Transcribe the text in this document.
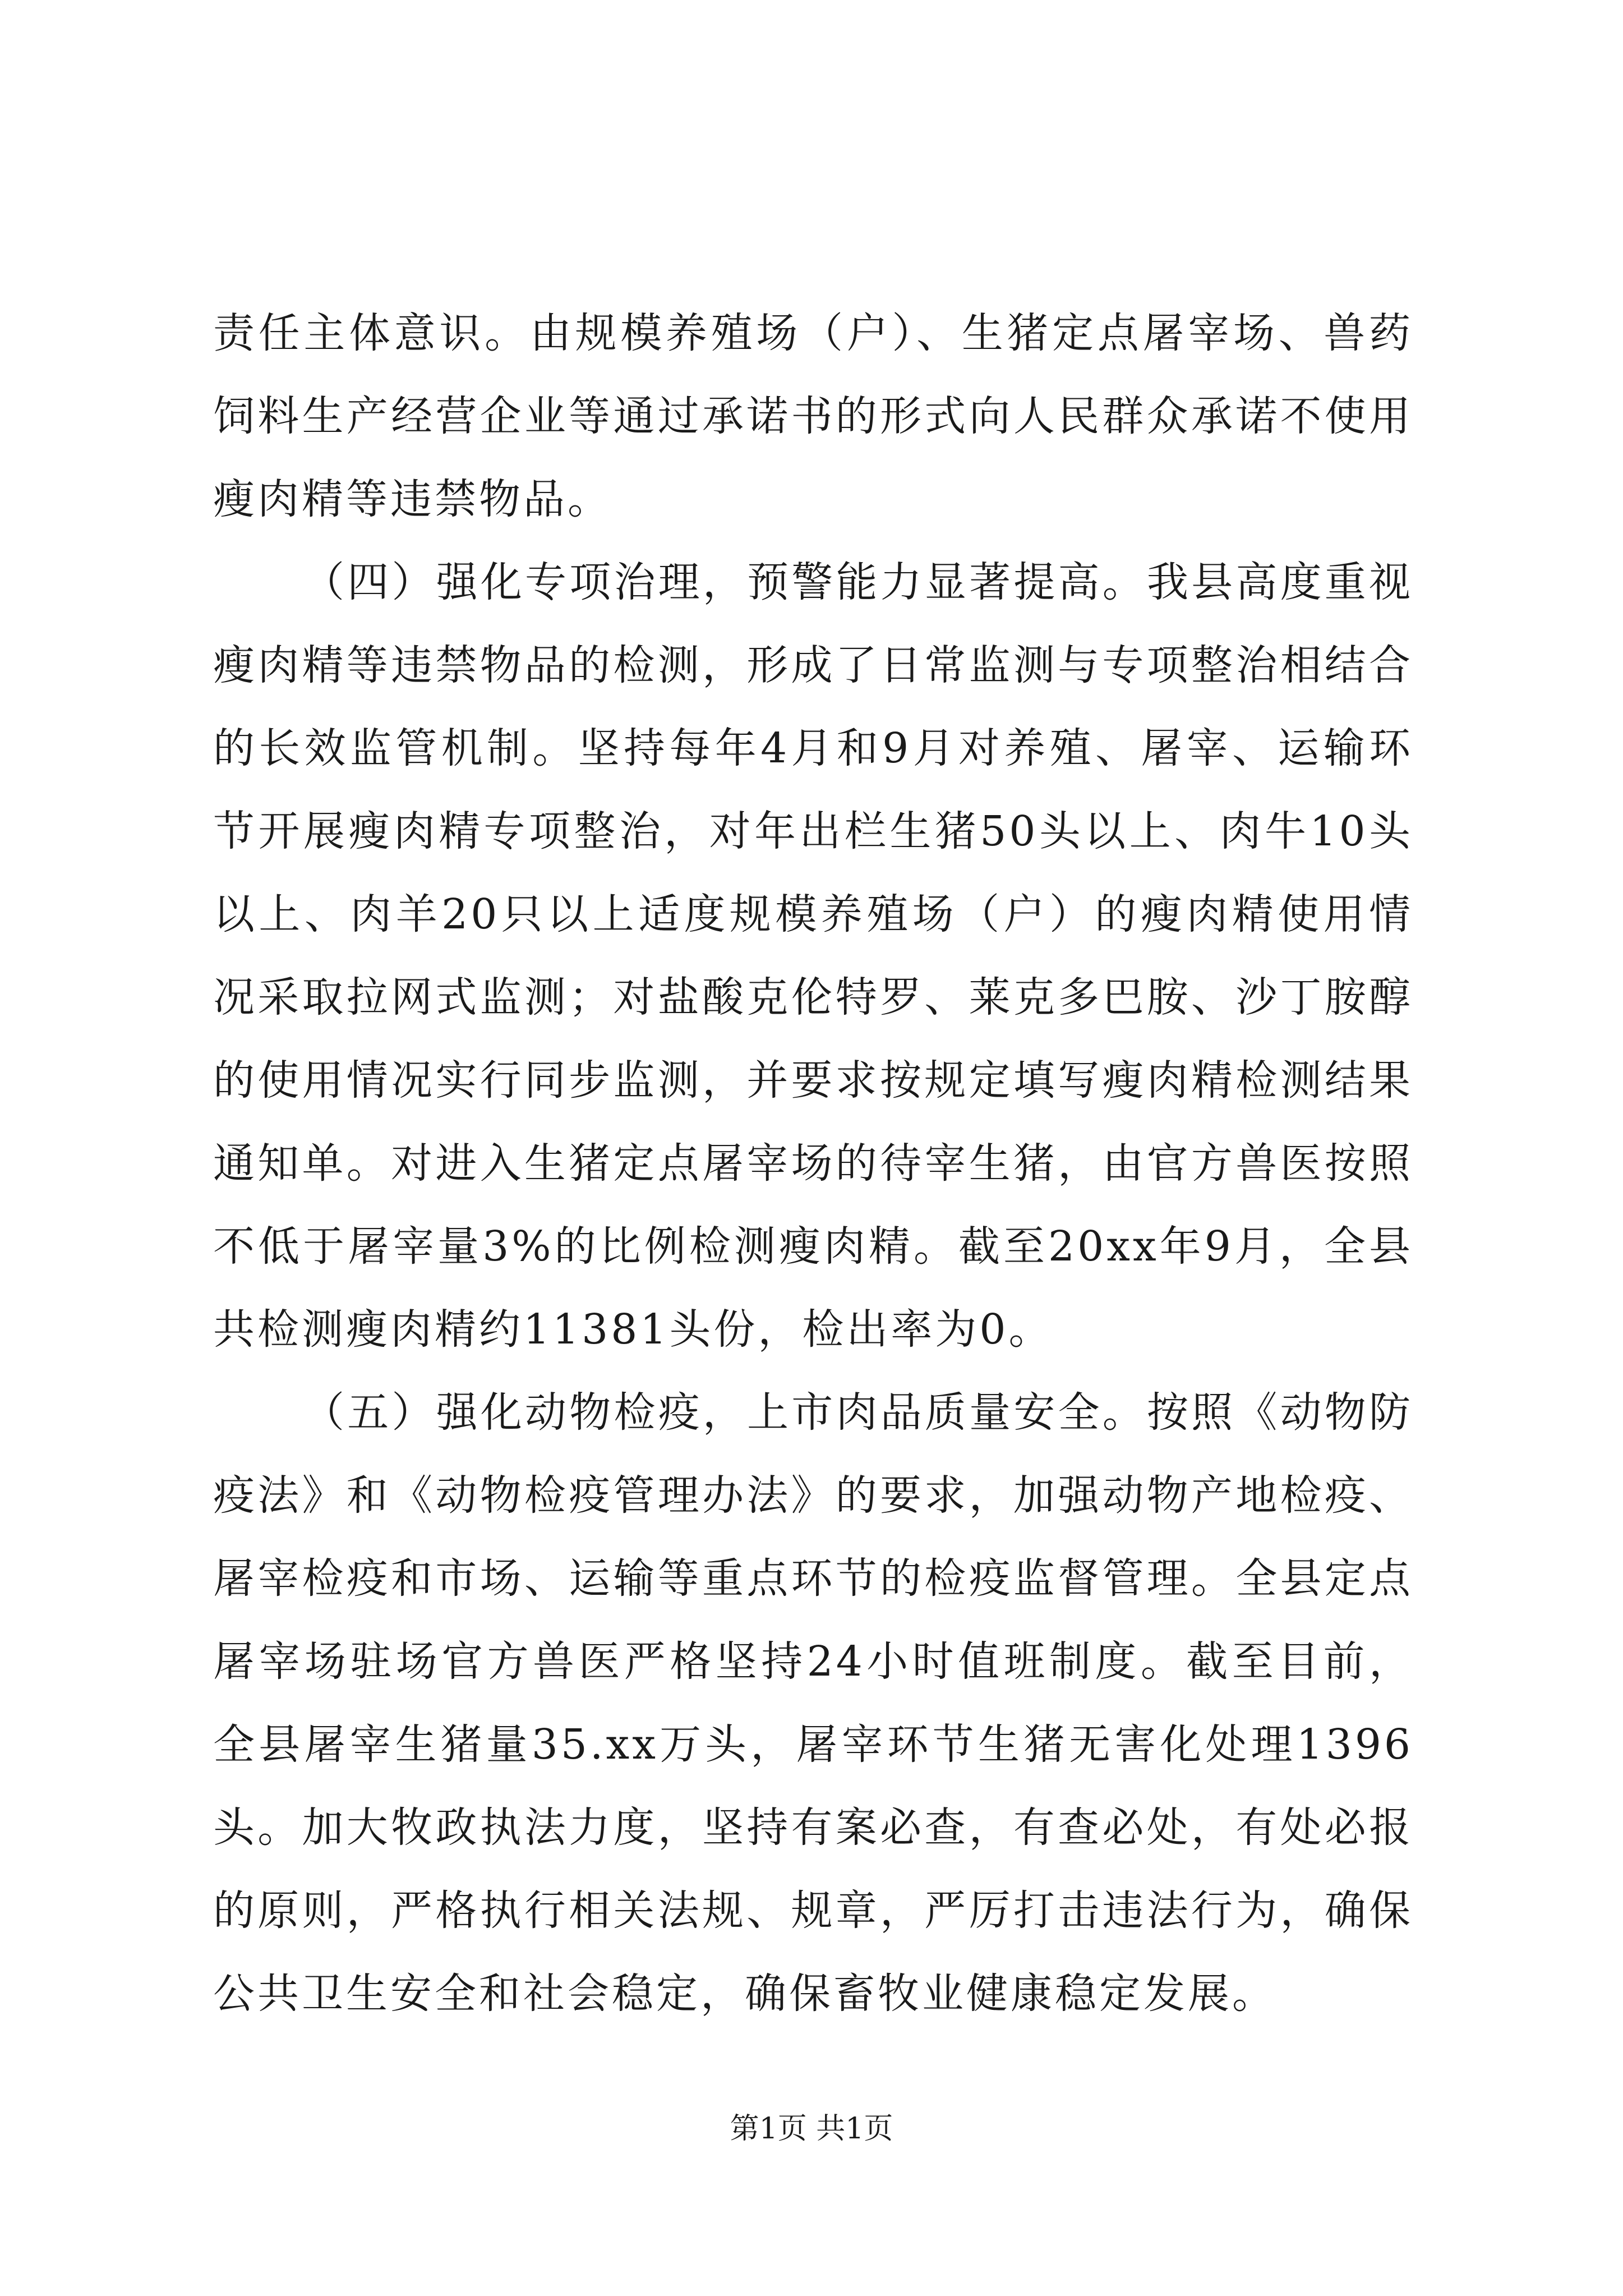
责任主体意识。由规模养殖场（户）、生猪定点屠宰场、兽药饲料生产经营企业等通过承诺书的形式向人民群众承诺不使用瘦肉精等违禁物品。

（四）强化专项治理，预警能力显著提高。我县高度重视瘦肉精等违禁物品的检测，形成了日常监测与专项整治相结合的长效监管机制。坚持每年4月和9月对养殖、屠宰、运输环节开展瘦肉精专项整治，对年出栏生猪50头以上、肉牛10头以上、肉羊20只以上适度规模养殖场（户）的瘦肉精使用情况采取拉网式监测；对盐酸克伦特罗、莱克多巴胺、沙丁胺醇的使用情况实行同步监测，并要求按规定填写瘦肉精检测结果通知单。对进入生猪定点屠宰场的待宰生猪，由官方兽医按照不低于屠宰量3%的比例检测瘦肉精。截至20xx年9月，全县共检测瘦肉精约11381头份，检出率为0。

（五）强化动物检疫，上市肉品质量安全。按照《动物防疫法》和《动物检疫管理办法》的要求，加强动物产地检疫、屠宰检疫和市场、运输等重点环节的检疫监督管理。全县定点屠宰场驻场官方兽医严格坚持24小时值班制度。截至目前，全县屠宰生猪量35.xx万头，屠宰环节生猪无害化处理1396头。加大牧政执法力度，坚持有案必查，有查必处，有处必报的原则，严格执行相关法规、规章，严厉打击违法行为，确保公共卫生安全和社会稳定，确保畜牧业健康稳定发展。

第1页 共1页
